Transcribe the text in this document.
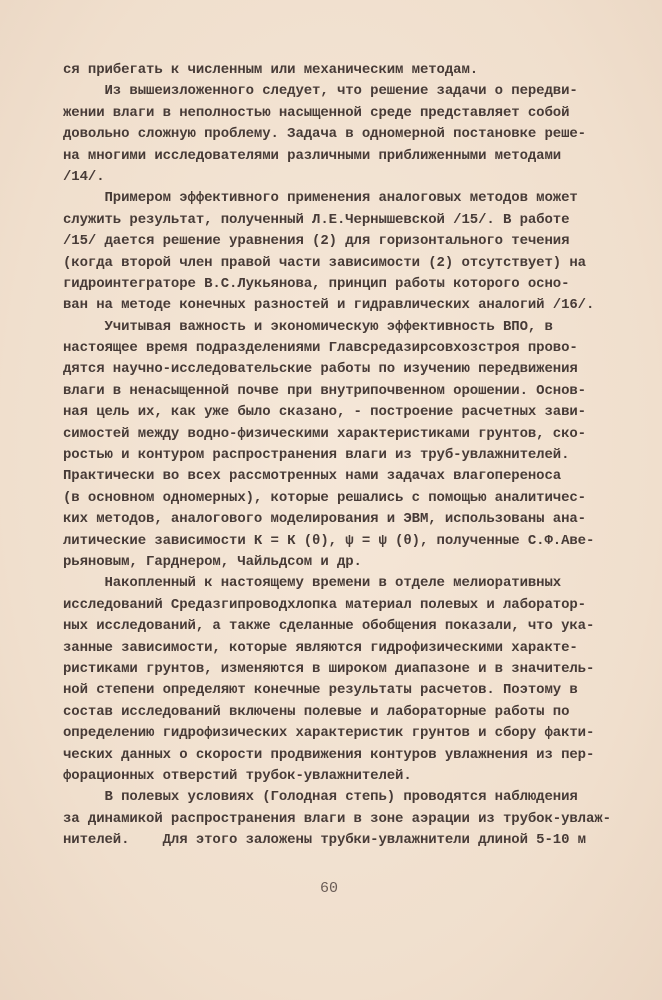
ся прибегать к численным или механическим методам.
Из вышеизложенного следует, что решение задачи о передви-
жении влаги в неполностью насыщенной среде представляет собой
довольно сложную проблему. Задача в одномерной постановке реше-
на многими исследователями различными приближенными методами
/14/.
Примером эффективного применения аналоговых методов может
служить результат, полученный Л.Е.Чернышевской /15/. В работе
/15/ дается решение уравнения (2) для горизонтального течения
(когда второй член правой части зависимости (2) отсутствует) на
гидроинтеграторе В.С.Лукьянова, принцип работы которого осно-
ван на методе конечных разностей и гидравлических аналогий /16/.
Учитывая важность и экономическую эффективность ВПО, в
настоящее время подразделениями Главсредазирсовхозстроя прово-
дятся научно-исследовательские работы по изучению передвижения
влаги в ненасыщенной почве при внутрипочвенном орошении. Основ-
ная цель их, как уже было сказано, - построение расчетных зави-
симостей между водно-физическими характеристиками грунтов, ско-
ростью и контуром распространения влаги из труб-увлажнителей.
Практически во всех рассмотренных нами задачах влагопереноса
(в основном одномерных), которые решались с помощью аналитичес-
ких методов, аналогового моделирования и ЭВМ, использованы ана-
литические зависимости К = К (θ), ψ = ψ (θ), полученные С.Ф.Аве-
рьяновым, Гарднером, Чайльдсом и др.
Накопленный к настоящему времени в отделе мелиоративных
исследований Средазгипроводхлопка материал полевых и лаборатор-
ных исследований, а также сделанные обобщения показали, что ука-
занные зависимости, которые являются гидрофизическими характе-
ристиками грунтов, изменяются в широком диапазоне и в значитель-
ной степени определяют конечные результаты расчетов. Поэтому в
состав исследований включены полевые и лабораторные работы по
определению гидрофизических характеристик грунтов и сбору факти-
ческих данных о скорости продвижения контуров увлажнения из пер-
форационных отверстий трубок-увлажнителей.
В полевых условиях (Голодная степь) проводятся наблюдения
за динамикой распространения влаги в зоне аэрации из трубок-увлаж-
нителей.    Для этого заложены трубки-увлажнители длиной 5-10 м
60
